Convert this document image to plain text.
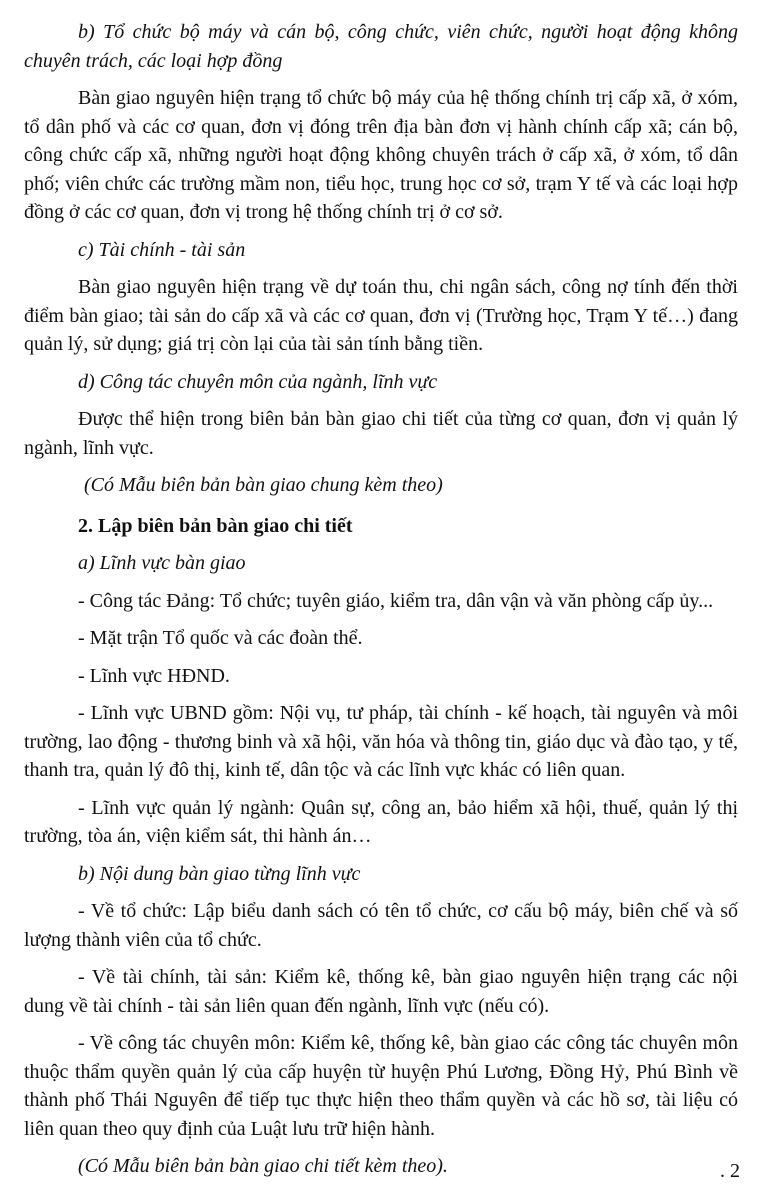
b) Tổ chức bộ máy và cán bộ, công chức, viên chức, người hoạt động không chuyên trách, các loại hợp đồng

Bàn giao nguyên hiện trạng tổ chức bộ máy của hệ thống chính trị cấp xã, ở xóm, tổ dân phố và các cơ quan, đơn vị đóng trên địa bàn đơn vị hành chính cấp xã; cán bộ, công chức cấp xã, những người hoạt động không chuyên trách ở cấp xã, ở xóm, tổ dân phố; viên chức các trường mầm non, tiểu học, trung học cơ sở, trạm Y tế và các loại hợp đồng ở các cơ quan, đơn vị trong hệ thống chính trị ở cơ sở.

c) Tài chính - tài sản

Bàn giao nguyên hiện trạng về dự toán thu, chi ngân sách, công nợ tính đến thời điểm bàn giao; tài sản do cấp xã và các cơ quan, đơn vị (Trường học, Trạm Y tế…) đang quản lý, sử dụng; giá trị còn lại của tài sản tính bằng tiền.

d) Công tác chuyên môn của ngành, lĩnh vực

Được thể hiện trong biên bản bàn giao chi tiết của từng cơ quan, đơn vị quản lý ngành, lĩnh vực.

(Có Mẫu biên bản bàn giao chung kèm theo)

2. Lập biên bản bàn giao chi tiết

a) Lĩnh vực bàn giao

- Công tác Đảng: Tổ chức; tuyên giáo, kiểm tra, dân vận và văn phòng cấp ủy...

- Mặt trận Tổ quốc và các đoàn thể.

- Lĩnh vực HĐND.

- Lĩnh vực UBND gồm: Nội vụ, tư pháp, tài chính - kế hoạch, tài nguyên và môi trường, lao động - thương binh và xã hội, văn hóa và thông tin, giáo dục và đào tạo, y tế, thanh tra, quản lý đô thị, kinh tế, dân tộc và các lĩnh vực khác có liên quan.

- Lĩnh vực quản lý ngành: Quân sự, công an, bảo hiểm xã hội, thuế, quản lý thị trường, tòa án, viện kiểm sát, thi hành án…

b) Nội dung bàn giao từng lĩnh vực

- Về tổ chức: Lập biểu danh sách có tên tổ chức, cơ cấu bộ máy, biên chế và số lượng thành viên của tổ chức.

- Về tài chính, tài sản: Kiểm kê, thống kê, bàn giao nguyên hiện trạng các nội dung về tài chính - tài sản liên quan đến ngành, lĩnh vực (nếu có).

- Về công tác chuyên môn: Kiểm kê, thống kê, bàn giao các công tác chuyên môn thuộc thẩm quyền quản lý của cấp huyện từ huyện Phú Lương, Đồng Hỷ, Phú Bình về thành phố Thái Nguyên để tiếp tục thực hiện theo thẩm quyền và các hồ sơ, tài liệu có liên quan theo quy định của Luật lưu trữ hiện hành.

(Có Mẫu biên bản bàn giao chi tiết kèm theo).	. 2
